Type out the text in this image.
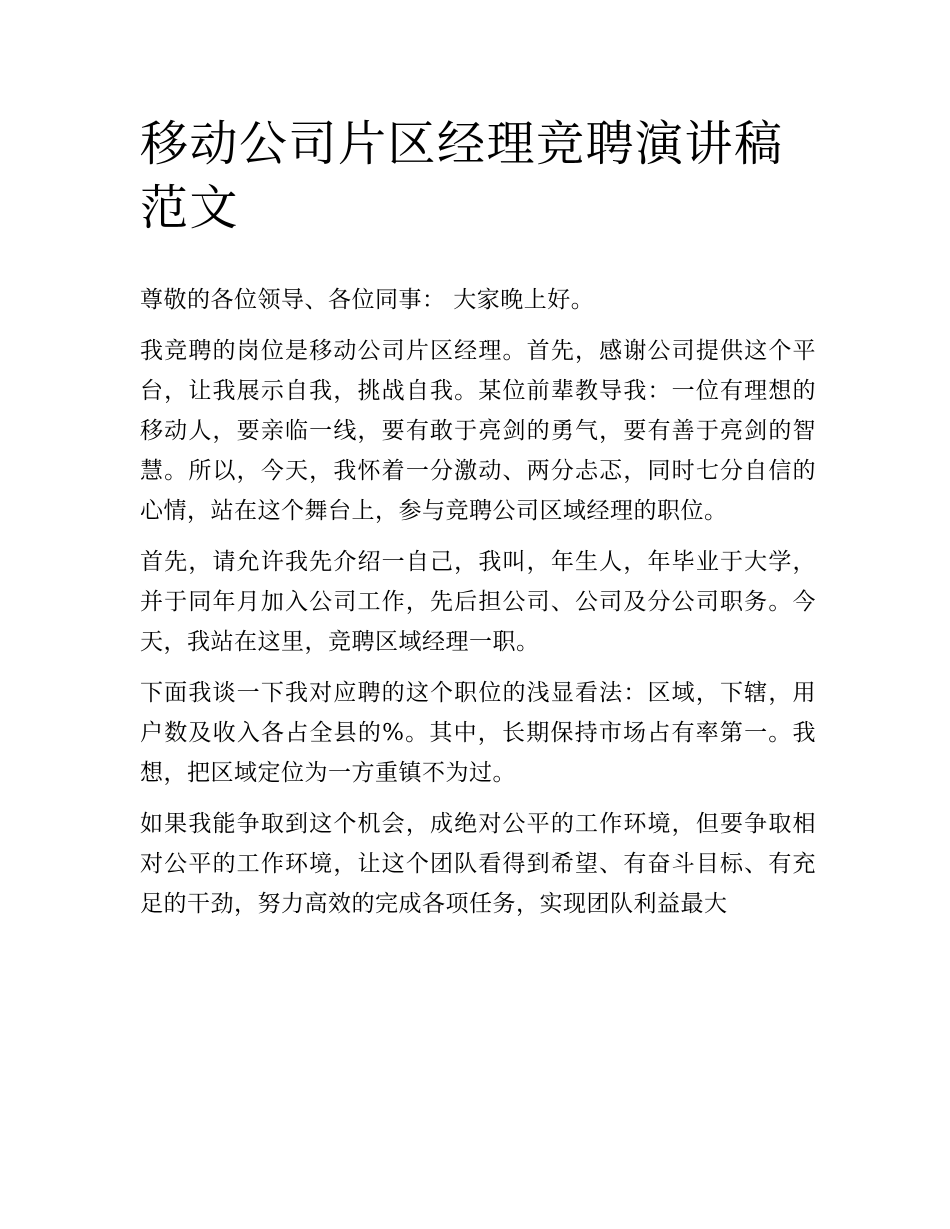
移动公司片区经理竞聘演讲稿范文

尊敬的各位领导、各位同事： 大家晚上好。

我竞聘的岗位是移动公司片区经理。首先，感谢公司提供这个平台，让我展示自我，挑战自我。某位前辈教导我：一位有理想的移动人，要亲临一线，要有敢于亮剑的勇气，要有善于亮剑的智慧。所以，今天，我怀着一分激动、两分忐忑，同时七分自信的心情，站在这个舞台上，参与竞聘公司区域经理的职位。

首先，请允许我先介绍一自己，我叫，年生人，年毕业于大学，并于同年月加入公司工作，先后担公司、公司及分公司职务。今天，我站在这里，竞聘区域经理一职。

下面我谈一下我对应聘的这个职位的浅显看法：区域，下辖，用户数及收入各占全县的%。其中，长期保持市场占有率第一。我想，把区域定位为一方重镇不为过。

如果我能争取到这个机会，成绝对公平的工作环境，但要争取相对公平的工作环境，让这个团队看得到希望、有奋斗目标、有充足的干劲，努力高效的完成各项任务，实现团队利益最大
